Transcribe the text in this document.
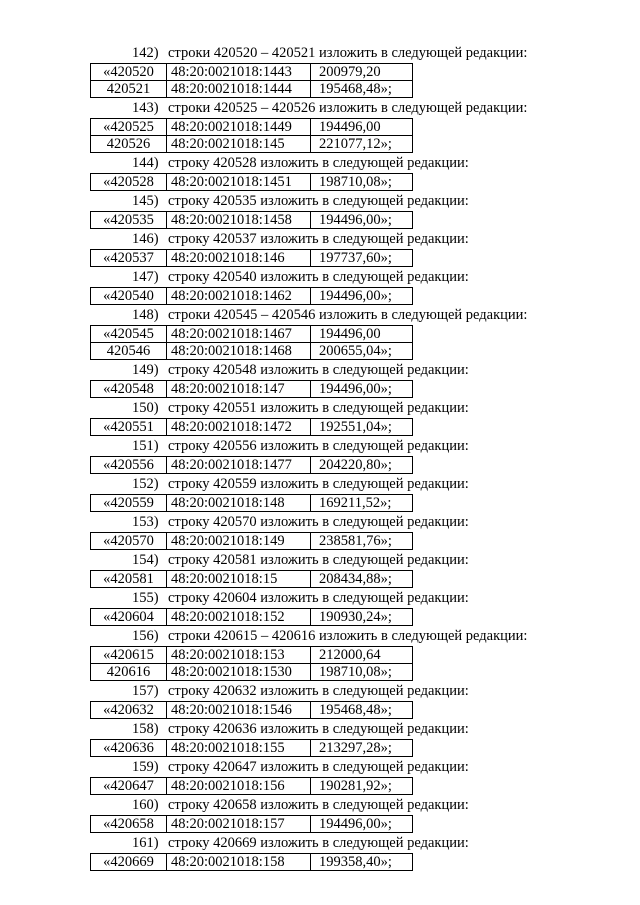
142) строки 420520 – 420521 изложить в следующей редакции:
«420520	48:20:0021018:1443	200979,20
420521	48:20:0021018:1444	195468,48»;
143) строки 420525 – 420526 изложить в следующей редакции:
«420525	48:20:0021018:1449	194496,00
420526	48:20:0021018:145	221077,12»;
144) строку 420528 изложить в следующей редакции:
«420528	48:20:0021018:1451	198710,08»;
145) строку 420535 изложить в следующей редакции:
«420535	48:20:0021018:1458	194496,00»;
146) строку 420537 изложить в следующей редакции:
«420537	48:20:0021018:146	197737,60»;
147) строку 420540 изложить в следующей редакции:
«420540	48:20:0021018:1462	194496,00»;
148) строки 420545 – 420546 изложить в следующей редакции:
«420545	48:20:0021018:1467	194496,00
420546	48:20:0021018:1468	200655,04»;
149) строку 420548 изложить в следующей редакции:
«420548	48:20:0021018:147	194496,00»;
150) строку 420551 изложить в следующей редакции:
«420551	48:20:0021018:1472	192551,04»;
151) строку 420556 изложить в следующей редакции:
«420556	48:20:0021018:1477	204220,80»;
152) строку 420559 изложить в следующей редакции:
«420559	48:20:0021018:148	169211,52»;
153) строку 420570 изложить в следующей редакции:
«420570	48:20:0021018:149	238581,76»;
154) строку 420581 изложить в следующей редакции:
«420581	48:20:0021018:15	208434,88»;
155) строку 420604 изложить в следующей редакции:
«420604	48:20:0021018:152	190930,24»;
156) строки 420615 – 420616 изложить в следующей редакции:
«420615	48:20:0021018:153	212000,64
420616	48:20:0021018:1530	198710,08»;
157) строку 420632 изложить в следующей редакции:
«420632	48:20:0021018:1546	195468,48»;
158) строку 420636 изложить в следующей редакции:
«420636	48:20:0021018:155	213297,28»;
159) строку 420647 изложить в следующей редакции:
«420647	48:20:0021018:156	190281,92»;
160) строку 420658 изложить в следующей редакции:
«420658	48:20:0021018:157	194496,00»;
161) строку 420669 изложить в следующей редакции:
«420669	48:20:0021018:158	199358,40»;
